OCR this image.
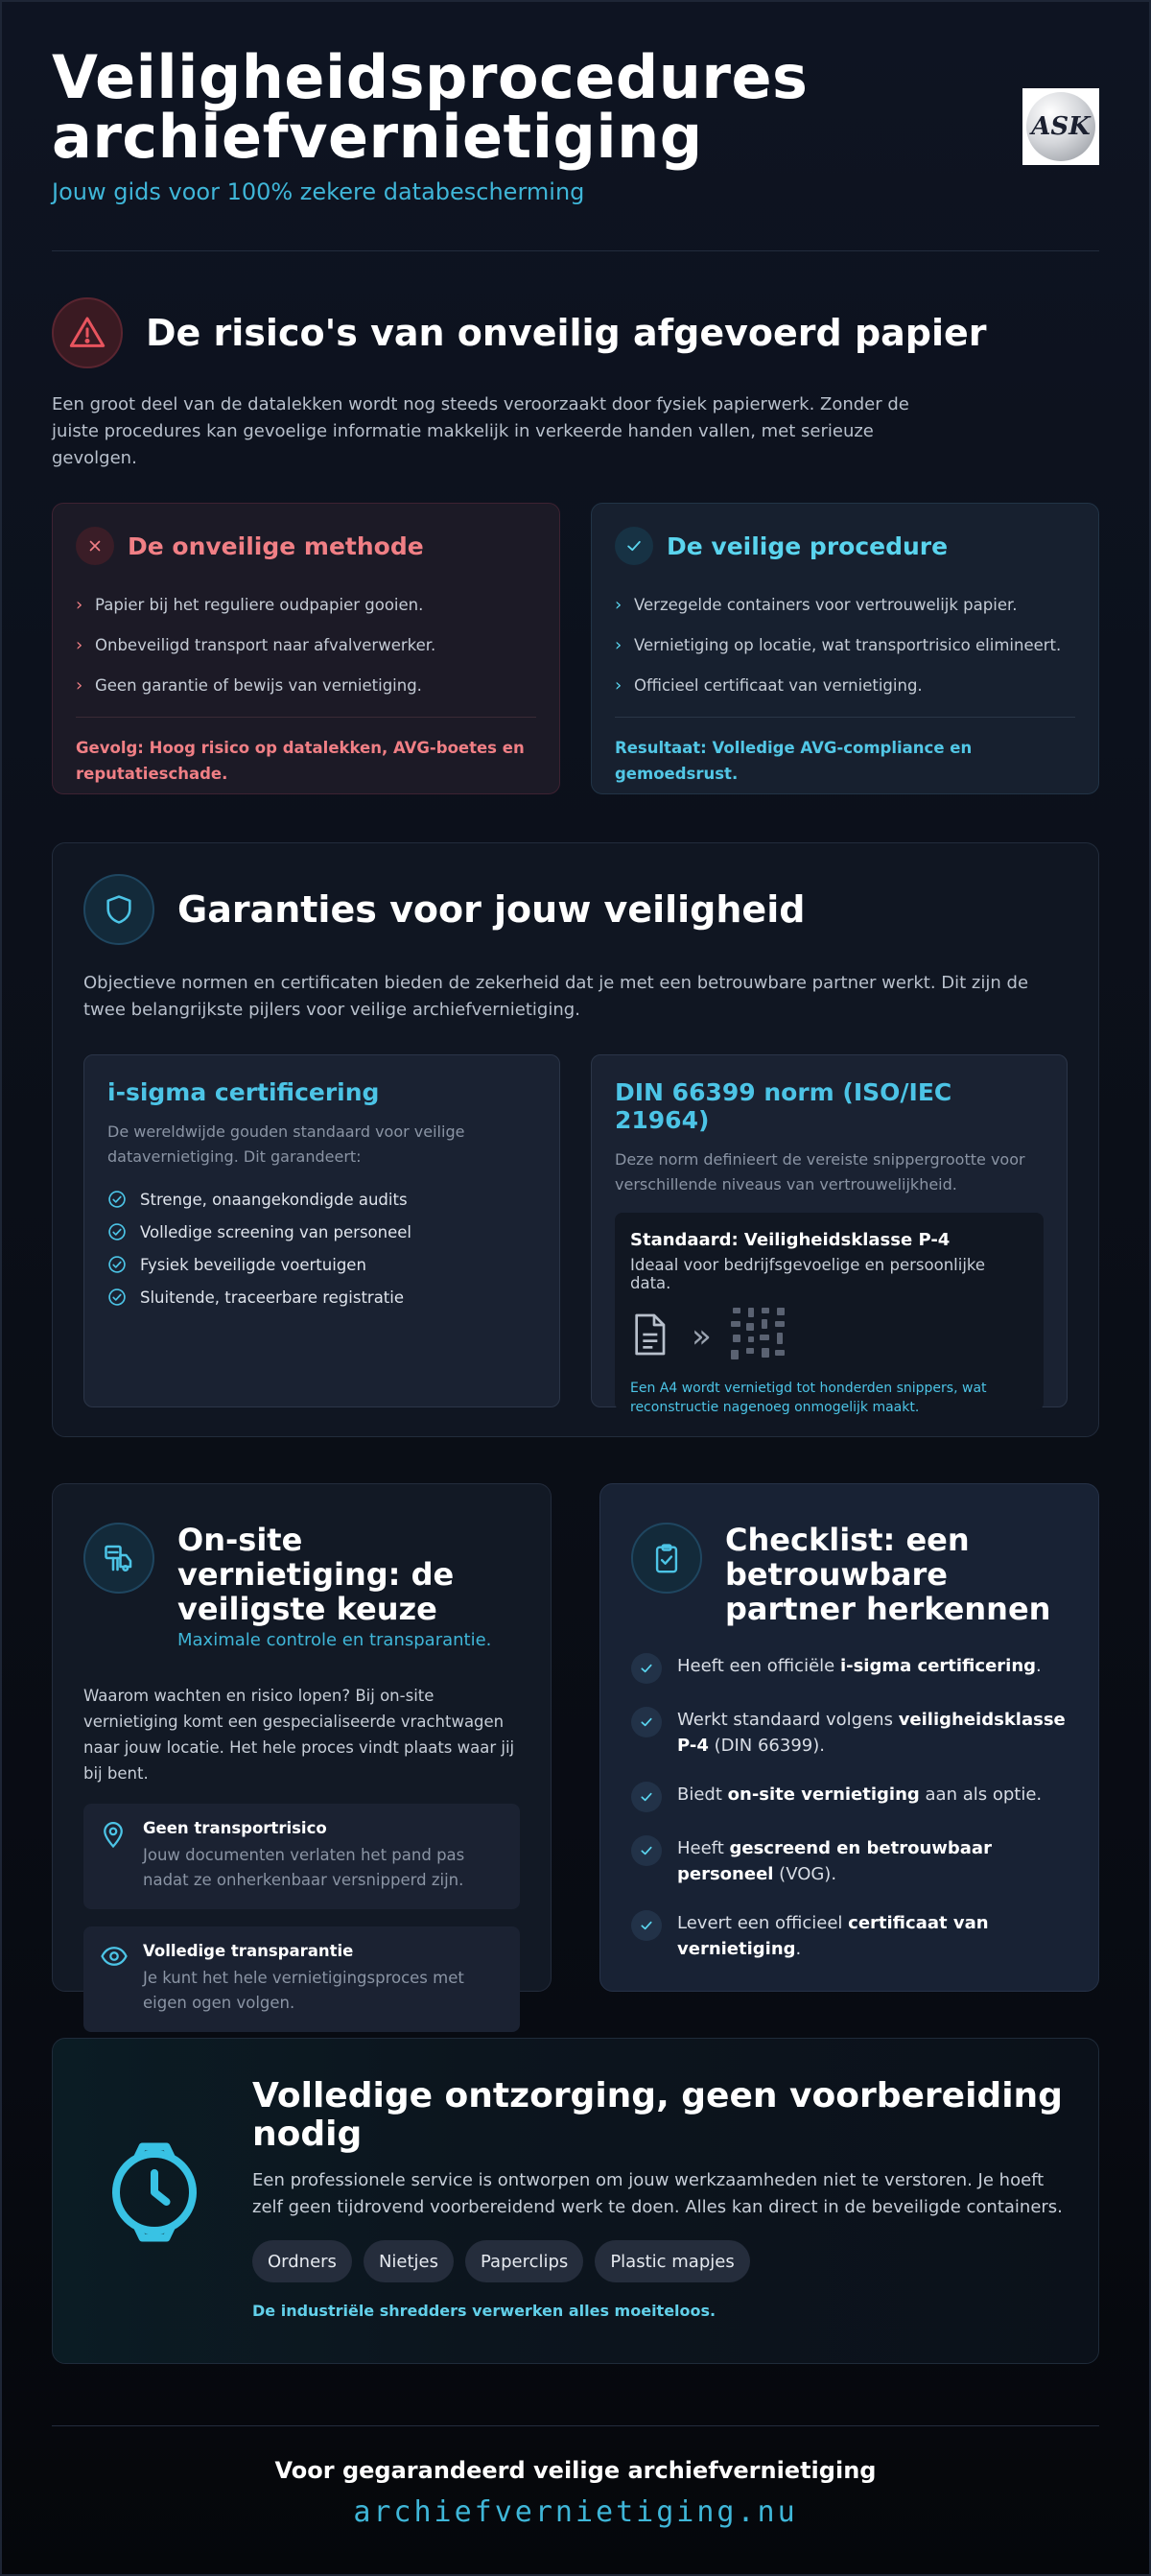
Veiligheidsprocedures archiefvernietiging
Jouw gids voor 100% zekere databescherming
ASK
De risico's van onveilig afgevoerd papier

Een groot deel van de datalekken wordt nog steeds veroorzaakt door fysiek papierwerk. Zonder de juiste procedures kan gevoelige informatie makkelijk in verkeerde handen vallen, met serieuze gevolgen.

De onveilige methode
› Papier bij het reguliere oudpapier gooien.
› Onbeveiligd transport naar afvalverwerker.
› Geen garantie of bewijs van vernietiging.
Gevolg: Hoog risico op datalekken, AVG-boetes en reputatieschade.
De veilige procedure
› Verzegelde containers voor vertrouwelijk papier.
› Vernietiging op locatie, wat transportrisico elimineert.
› Officieel certificaat van vernietiging.
Resultaat: Volledige AVG-compliance en gemoedsrust.
Garanties voor jouw veiligheid

Objectieve normen en certificaten bieden de zekerheid dat je met een betrouwbare partner werkt. Dit zijn de twee belangrijkste pijlers voor veilige archiefvernietiging.

i-sigma certificering

De wereldwijde gouden standaard voor veilige datavernietiging. Dit garandeert:

Strenge, onaangekondigde audits
Volledige screening van personeel
Fysiek beveiligde voertuigen
Sluitende, traceerbare registratie
DIN 66399 norm (ISO/IEC 21964)

Deze norm definieert de vereiste snippergrootte voor verschillende niveaus van vertrouwelijkheid.

Standaard: Veiligheidsklasse P-4
Ideaal voor bedrijfsgevoelige en persoonlijke data.
»
Een A4 wordt vernietigd tot honderden snippers, wat reconstructie nagenoeg onmogelijk maakt.
On-site vernietiging: de veiligste keuze
Maximale controle en transparantie.

Waarom wachten en risico lopen? Bij on-site vernietiging komt een gespecialiseerde vrachtwagen naar jouw locatie. Het hele proces vindt plaats waar jij bij bent.

Geen transportrisico
Jouw documenten verlaten het pand pas nadat ze onherkenbaar versnipperd zijn.
Volledige transparantie
Je kunt het hele vernietigingsproces met eigen ogen volgen.
Checklist: een betrouwbare partner herkennen
Heeft een officiële i-sigma certificering.
Werkt standaard volgens veiligheidsklasse P-4 (DIN 66399).
Biedt on-site vernietiging aan als optie.
Heeft gescreend en betrouwbaar personeel (VOG).
Levert een officieel certificaat van vernietiging.
Volledige ontzorging, geen voorbereiding nodig

Een professionele service is ontworpen om jouw werkzaamheden niet te verstoren. Je hoeft zelf geen tijdrovend voorbereidend werk te doen. Alles kan direct in de beveiligde containers.

Ordners	Nietjes	Paperclips	Plastic mapjes
De industriële shredders verwerken alles moeiteloos.
Voor gegarandeerd veilige archiefvernietiging
archiefvernietiging.nu
